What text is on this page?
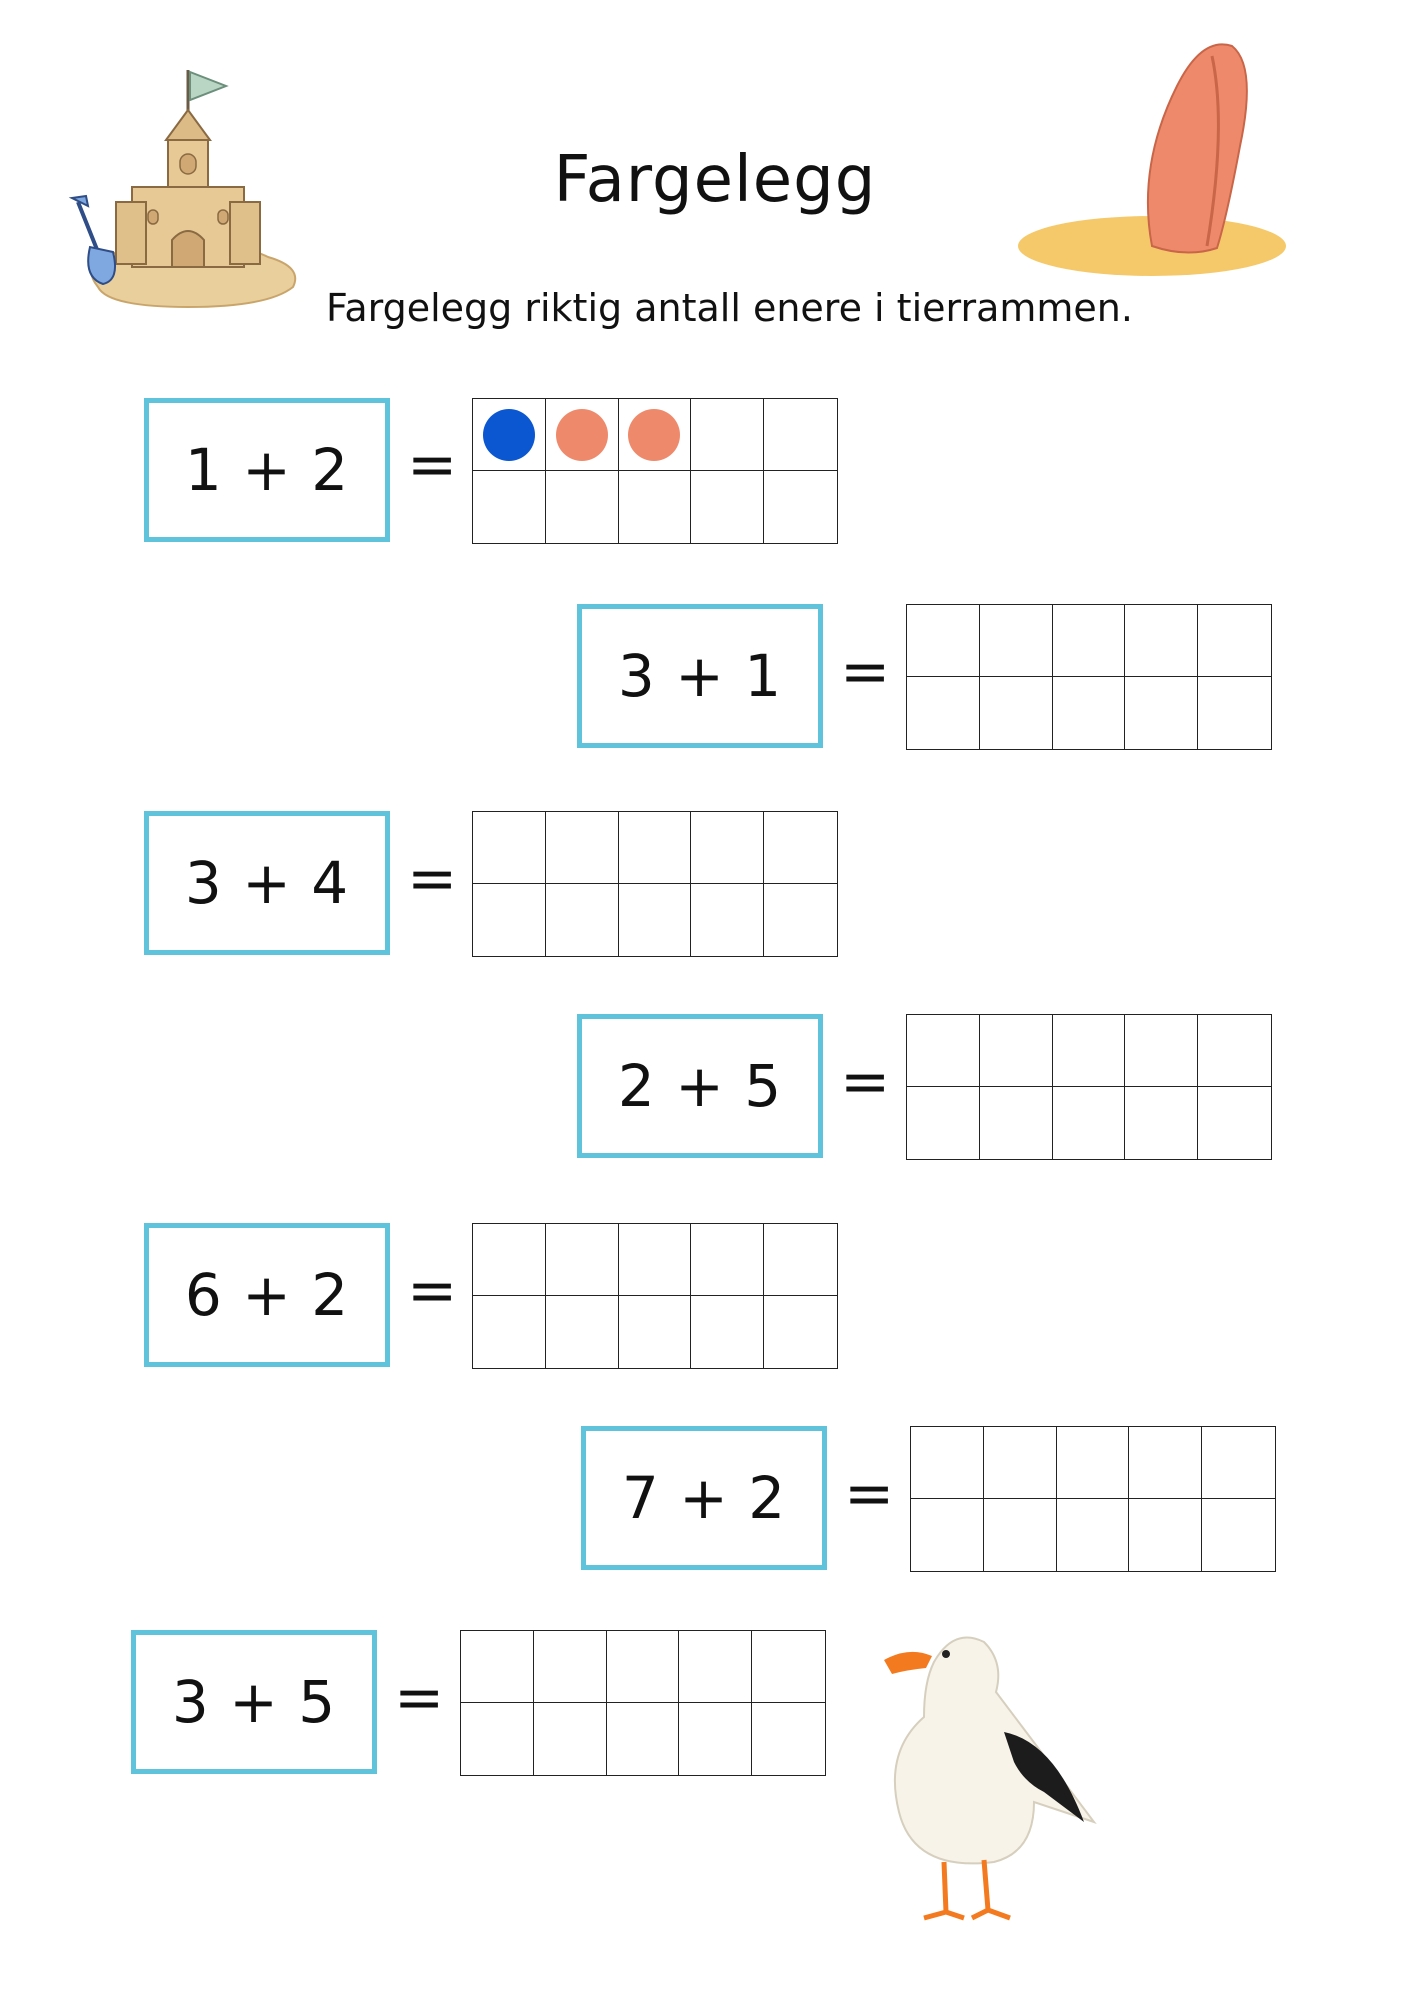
Fargelegg
Fargelegg riktig antall enere i tierrammen.
1 + 2 =
3 + 1 =
3 + 4 =
2 + 5 =
6 + 2 =
7 + 2 =
3 + 5 =
